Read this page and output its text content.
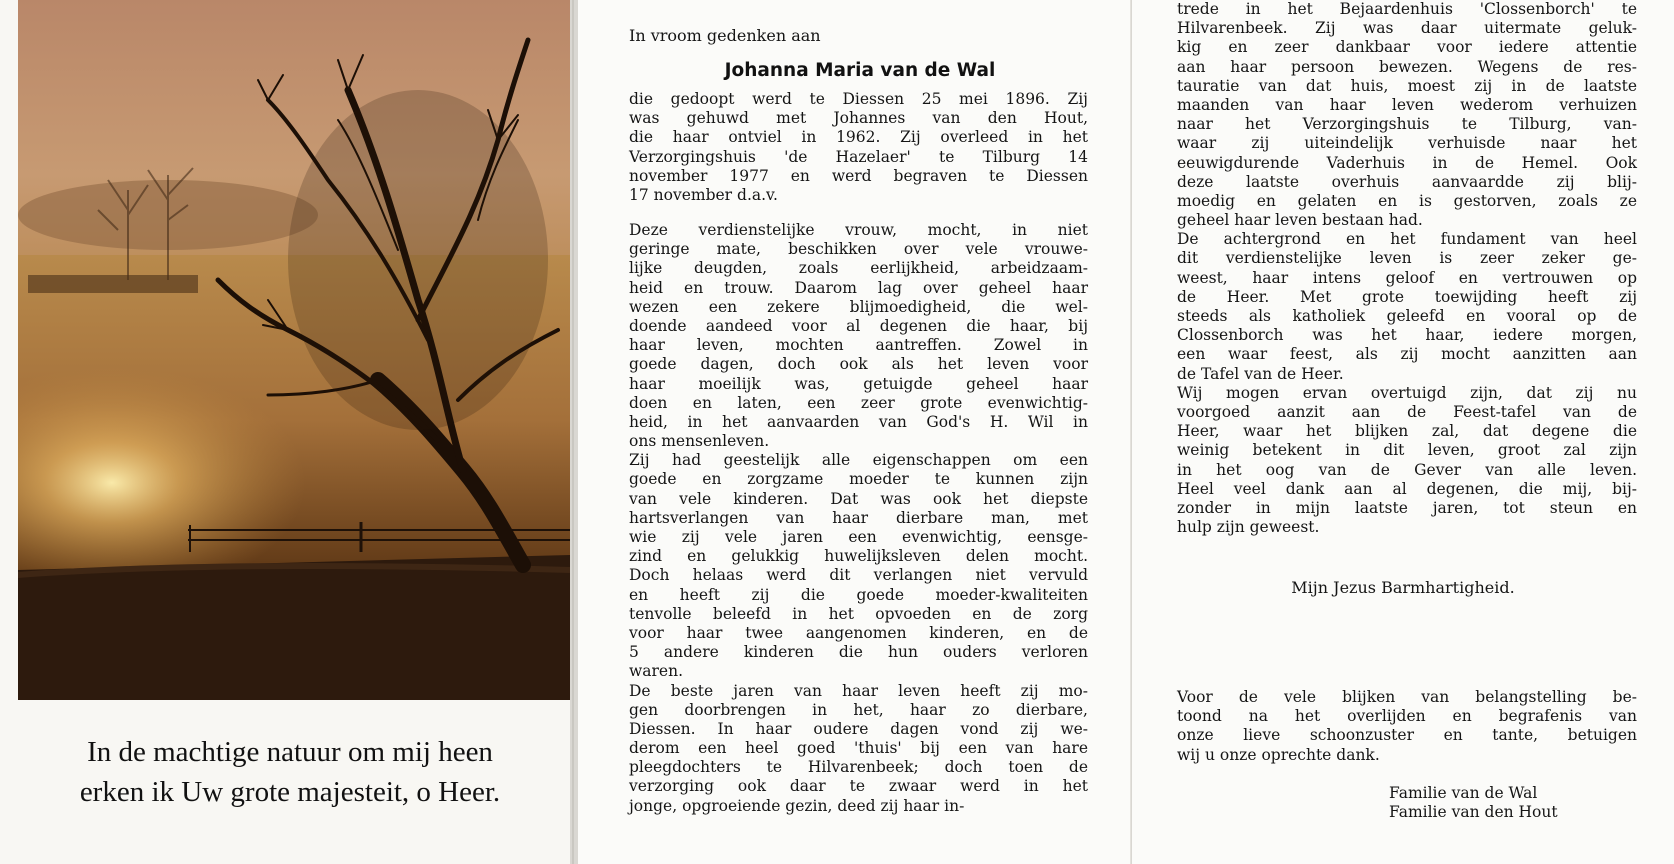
In de machtige natuur om mij heen
erken ik Uw grote majesteit, o Heer.
In vroom gedenken aan
Johanna Maria van de Wal
die gedoopt werd te Diessen 25 mei 1896. Zij
was gehuwd met Johannes van den Hout,
die haar ontviel in 1962. Zij overleed in het
Verzorgingshuis 'de Hazelaer' te Tilburg 14
november 1977 en werd begraven te Diessen
17 november d.a.v.
Deze verdienstelijke vrouw, mocht, in niet
geringe mate, beschikken over vele vrouwe-
lijke deugden, zoals eerlijkheid, arbeidzaam-
heid en trouw. Daarom lag over geheel haar
wezen een zekere blijmoedigheid, die wel-
doende aandeed voor al degenen die haar, bij
haar leven, mochten aantreffen. Zowel in
goede dagen, doch ook als het leven voor
haar moeilijk was, getuigde geheel haar
doen en laten, een zeer grote evenwichtig-
heid, in het aanvaarden van God's H. Wil in
ons mensenleven.
Zij had geestelijk alle eigenschappen om een
goede en zorgzame moeder te kunnen zijn
van vele kinderen. Dat was ook het diepste
hartsverlangen van haar dierbare man, met
wie zij vele jaren een evenwichtig, eensge-
zind en gelukkig huwelijksleven delen mocht.
Doch helaas werd dit verlangen niet vervuld
en heeft zij die goede moeder-kwaliteiten
tenvolle beleefd in het opvoeden en de zorg
voor haar twee aangenomen kinderen, en de
5 andere kinderen die hun ouders verloren
waren.
De beste jaren van haar leven heeft zij mo-
gen doorbrengen in het, haar zo dierbare,
Diessen. In haar oudere dagen vond zij we-
derom een heel goed 'thuis' bij een van hare
pleegdochters te Hilvarenbeek; doch toen de
verzorging ook daar te zwaar werd in het
jonge, opgroeiende gezin, deed zij haar in-
trede in het Bejaardenhuis 'Clossenborch' te
Hilvarenbeek. Zij was daar uitermate geluk-
kig en zeer dankbaar voor iedere attentie
aan haar persoon bewezen. Wegens de res-
tauratie van dat huis, moest zij in de laatste
maanden van haar leven wederom verhuizen
naar het Verzorgingshuis te Tilburg, van-
waar zij uiteindelijk verhuisde naar het
eeuwigdurende Vaderhuis in de Hemel. Ook
deze laatste overhuis aanvaardde zij blij-
moedig en gelaten en is gestorven, zoals ze
geheel haar leven bestaan had.
De achtergrond en het fundament van heel
dit verdienstelijke leven is zeer zeker ge-
weest, haar intens geloof en vertrouwen op
de Heer. Met grote toewijding heeft zij
steeds als katholiek geleefd en vooral op de
Clossenborch was het haar, iedere morgen,
een waar feest, als zij mocht aanzitten aan
de Tafel van de Heer.
Wij mogen ervan overtuigd zijn, dat zij nu
voorgoed aanzit aan de Feest-tafel van de
Heer, waar het blijken zal, dat degene die
weinig betekent in dit leven, groot zal zijn
in het oog van de Gever van alle leven.
Heel veel dank aan al degenen, die mij, bij-
zonder in mijn laatste jaren, tot steun en
hulp zijn geweest.
Mijn Jezus Barmhartigheid.
Voor de vele blijken van belangstelling be-
toond na het overlijden en begrafenis van
onze lieve schoonzuster en tante, betuigen
wij u onze oprechte dank.
Familie van de Wal
Familie van den Hout
